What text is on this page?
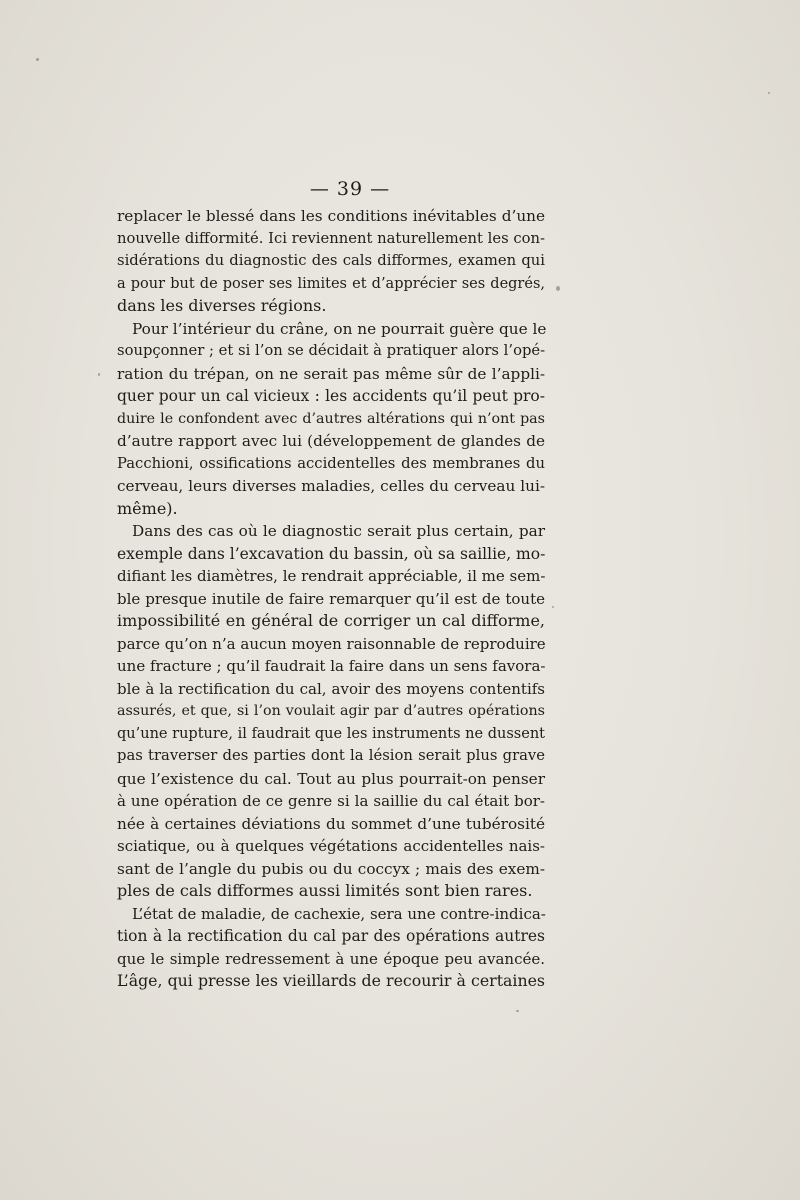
— 39 —
replacer le blessé dans les conditions inévitables d’une
nouvelle difformité. Ici reviennent naturellement les con-
sidérations du diagnostic des cals difformes, examen qui
a pour but de poser ses limites et d’apprécier ses degrés,
dans les diverses régions.
Pour l’intérieur du crâne, on ne pourrait guère que le
soupçonner ; et si l’on se décidait à pratiquer alors l’opé-
ration du trépan, on ne serait pas même sûr de l’appli-
quer pour un cal vicieux : les accidents qu’il peut pro-
duire le confondent avec d’autres altérations qui n’ont pas
d’autre rapport avec lui (développement de glandes de
Pacchioni, ossifications accidentelles des membranes du
cerveau, leurs diverses maladies, celles du cerveau lui-
même).
Dans des cas où le diagnostic serait plus certain, par
exemple dans l’excavation du bassin, où sa saillie, mo-
difiant les diamètres, le rendrait appréciable, il me sem-
ble presque inutile de faire remarquer qu’il est de toute
impossibilité en général de corriger un cal difforme,
parce qu’on n’a aucun moyen raisonnable de reproduire
une fracture ; qu’il faudrait la faire dans un sens favora-
ble à la rectification du cal, avoir des moyens contentifs
assurés, et que, si l’on voulait agir par d’autres opérations
qu’une rupture, il faudrait que les instruments ne dussent
pas traverser des parties dont la lésion serait plus grave
que l’existence du cal. Tout au plus pourrait-on penser
à une opération de ce genre si la saillie du cal était bor-
née à certaines déviations du sommet d’une tubérosité
sciatique, ou à quelques végétations accidentelles nais-
sant de l’angle du pubis ou du coccyx ; mais des exem-
ples de cals difformes aussi limités sont bien rares.
L’état de maladie, de cachexie, sera une contre-indica-
tion à la rectification du cal par des opérations autres
que le simple redressement à une époque peu avancée.
L’âge, qui presse les vieillards de recourir à certaines
